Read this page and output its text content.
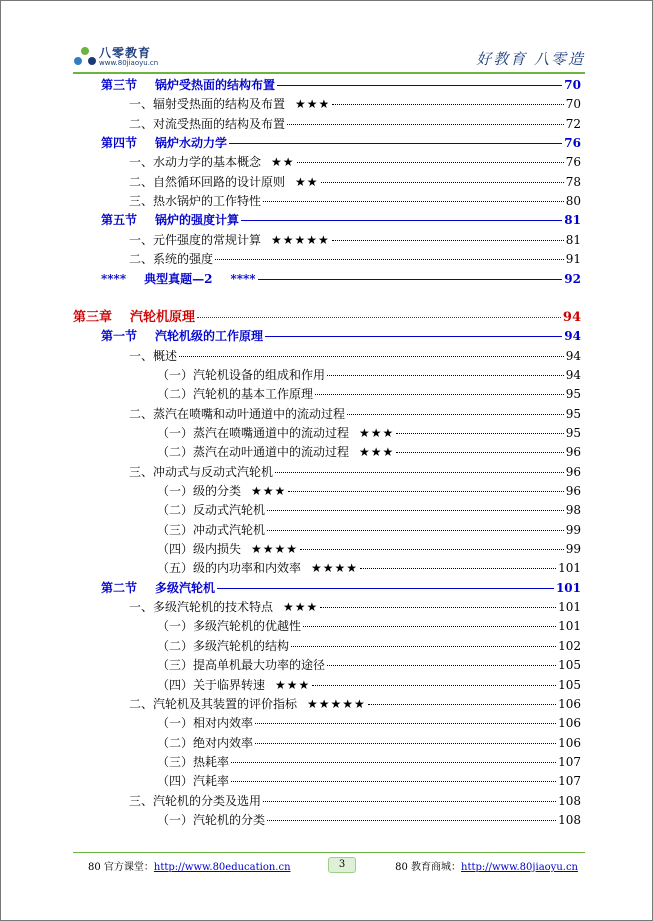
八零教育
www.80jiaoyu.cn	好教育 八零造
第三节 锅炉受热面的结构布置	70
一、辐射受热面的结构及布置 ★★★	70
二、对流受热面的结构及布置	72
第四节 锅炉水动力学	76
一、水动力学的基本概念 ★★	76
二、自然循环回路的设计原则 ★★	78
三、热水锅炉的工作特性	80
第五节 锅炉的强度计算	81
一、元件强度的常规计算 ★★★★★	81
二、系统的强度	91
**** 典型真题—2 ****	92
第三章 汽轮机原理	94
第一节 汽轮机级的工作原理	94
一、概述	94
（一）汽轮机设备的组成和作用	94
（二）汽轮机的基本工作原理	95
二、蒸汽在喷嘴和动叶通道中的流动过程	95
（一）蒸汽在喷嘴通道中的流动过程 ★★★	95
（二）蒸汽在动叶通道中的流动过程 ★★★	96
三、冲动式与反动式汽轮机	96
（一）级的分类 ★★★	96
（二）反动式汽轮机	98
（三）冲动式汽轮机	99
（四）级内损失 ★★★★	99
（五）级的内功率和内效率 ★★★★	101
第二节 多级汽轮机	101
一、多级汽轮机的技术特点 ★★★	101
（一）多级汽轮机的优越性	101
（二）多级汽轮机的结构	102
（三）提高单机最大功率的途径	105
（四）关于临界转速 ★★★	105
二、汽轮机及其装置的评价指标 ★★★★★	106
（一）相对内效率	106
（二）绝对内效率	106
（三）热耗率	107
（四）汽耗率	107
三、汽轮机的分类及选用	108
（一）汽轮机的分类	108
80 官方课堂：http://www.80education.cn	3	80 教育商城：http://www.80jiaoyu.cn
